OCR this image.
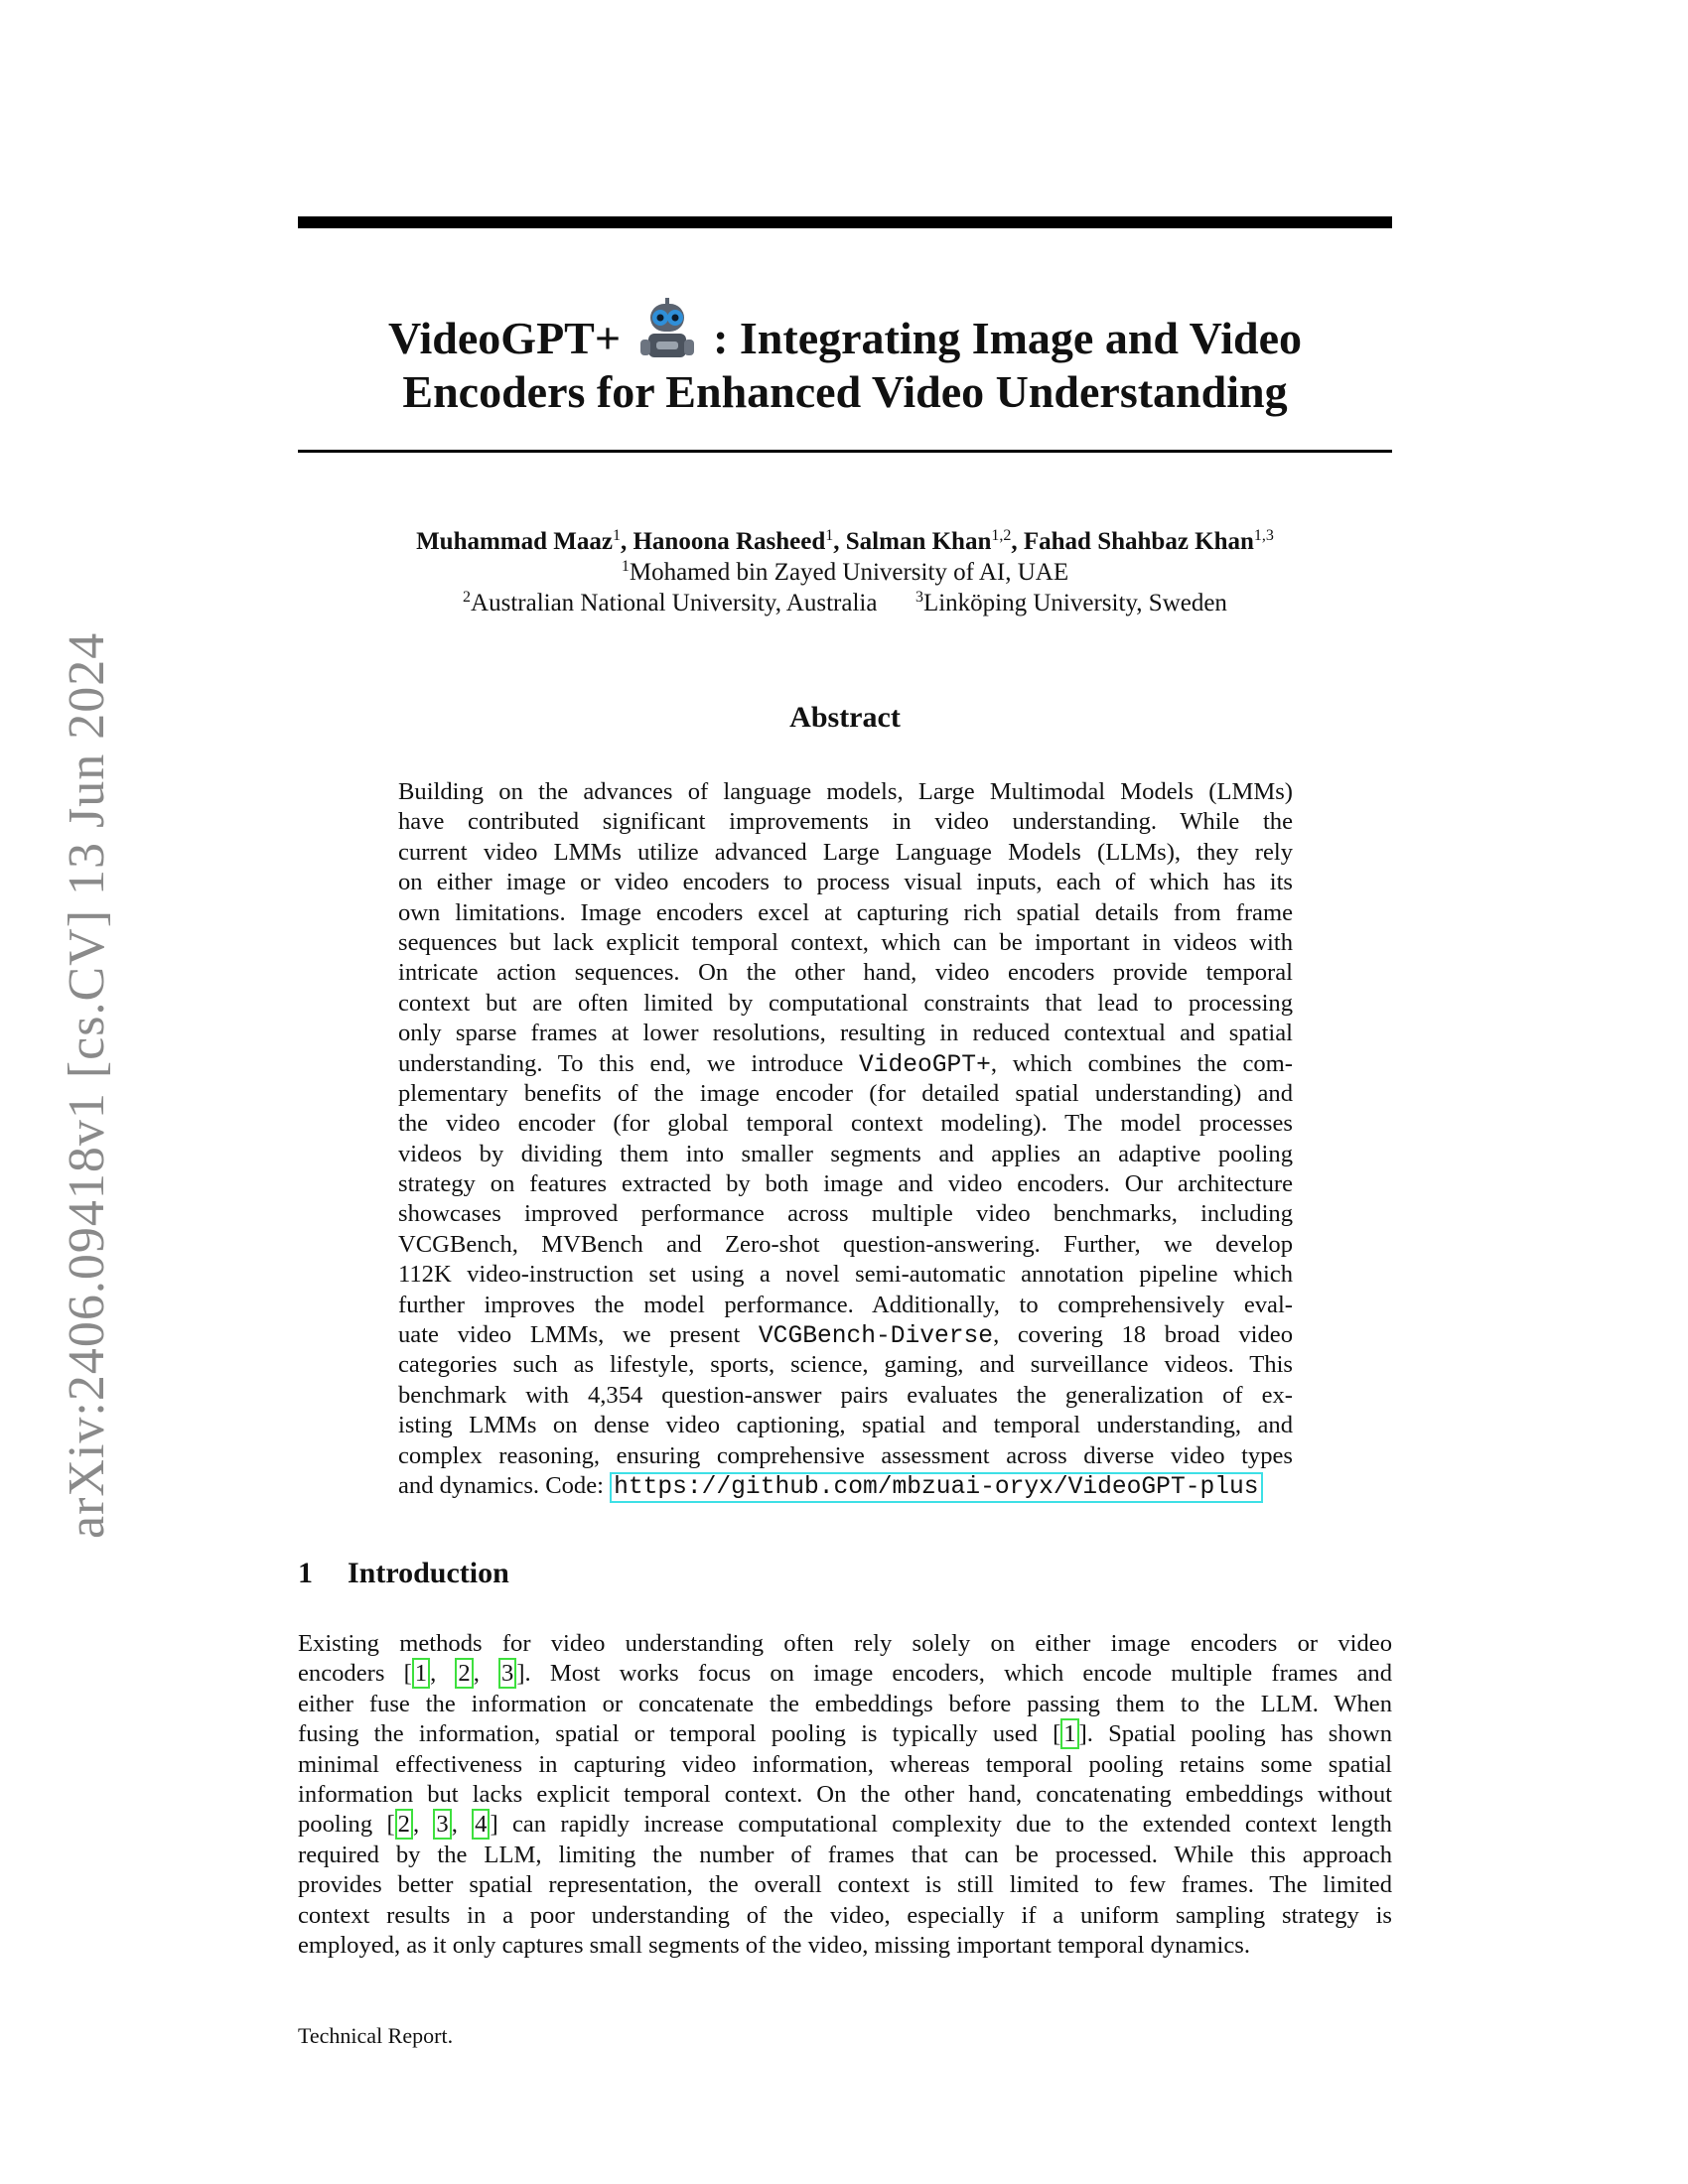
arXiv:2406.09418v1 [cs.CV] 13 Jun 2024
VideoGPT+ : Integrating Image and Video
Encoders for Enhanced Video Understanding
Muhammad Maaz$^1$, Hanoona Rasheed$^1$, Salman Khan$^{1,2}$, Fahad Shahbaz Khan$^{1,3}$
$^1$Mohamed bin Zayed University of AI, UAE
$^2$Australian National University, Australia $^3$Linköping University, Sweden
Abstract
Building on the advances of language models, Large Multimodal Models (LMMs)
have contributed significant improvements in video understanding. While the
current video LMMs utilize advanced Large Language Models (LLMs), they rely
on either image or video encoders to process visual inputs, each of which has its
own limitations. Image encoders excel at capturing rich spatial details from frame
sequences but lack explicit temporal context, which can be important in videos with
intricate action sequences. On the other hand, video encoders provide temporal
context but are often limited by computational constraints that lead to processing
only sparse frames at lower resolutions, resulting in reduced contextual and spatial
understanding. To this end, we introduce VideoGPT+, which combines the com-
plementary benefits of the image encoder (for detailed spatial understanding) and
the video encoder (for global temporal context modeling). The model processes
videos by dividing them into smaller segments and applies an adaptive pooling
strategy on features extracted by both image and video encoders. Our architecture
showcases improved performance across multiple video benchmarks, including
VCGBench, MVBench and Zero-shot question-answering. Further, we develop
112K video-instruction set using a novel semi-automatic annotation pipeline which
further improves the model performance. Additionally, to comprehensively eval-
uate video LMMs, we present VCGBench-Diverse, covering 18 broad video
categories such as lifestyle, sports, science, gaming, and surveillance videos. This
benchmark with 4,354 question-answer pairs evaluates the generalization of ex-
isting LMMs on dense video captioning, spatial and temporal understanding, and
complex reasoning, ensuring comprehensive assessment across diverse video types
and dynamics. Code: https://github.com/mbzuai-oryx/VideoGPT-plus
1 Introduction
Existing methods for video understanding often rely solely on either image encoders or video
encoders [ 1 , 2 , 3 ]. Most works focus on image encoders, which encode multiple frames and
either fuse the information or concatenate the embeddings before passing them to the LLM. When
fusing the information, spatial or temporal pooling is typically used [ 1 ]. Spatial pooling has shown
minimal effectiveness in capturing video information, whereas temporal pooling retains some spatial
information but lacks explicit temporal context. On the other hand, concatenating embeddings without
pooling [ 2 , 3 , 4 ] can rapidly increase computational complexity due to the extended context length
required by the LLM, limiting the number of frames that can be processed. While this approach
provides better spatial representation, the overall context is still limited to few frames. The limited
context results in a poor understanding of the video, especially if a uniform sampling strategy is
employed, as it only captures small segments of the video, missing important temporal dynamics.
Technical Report.
